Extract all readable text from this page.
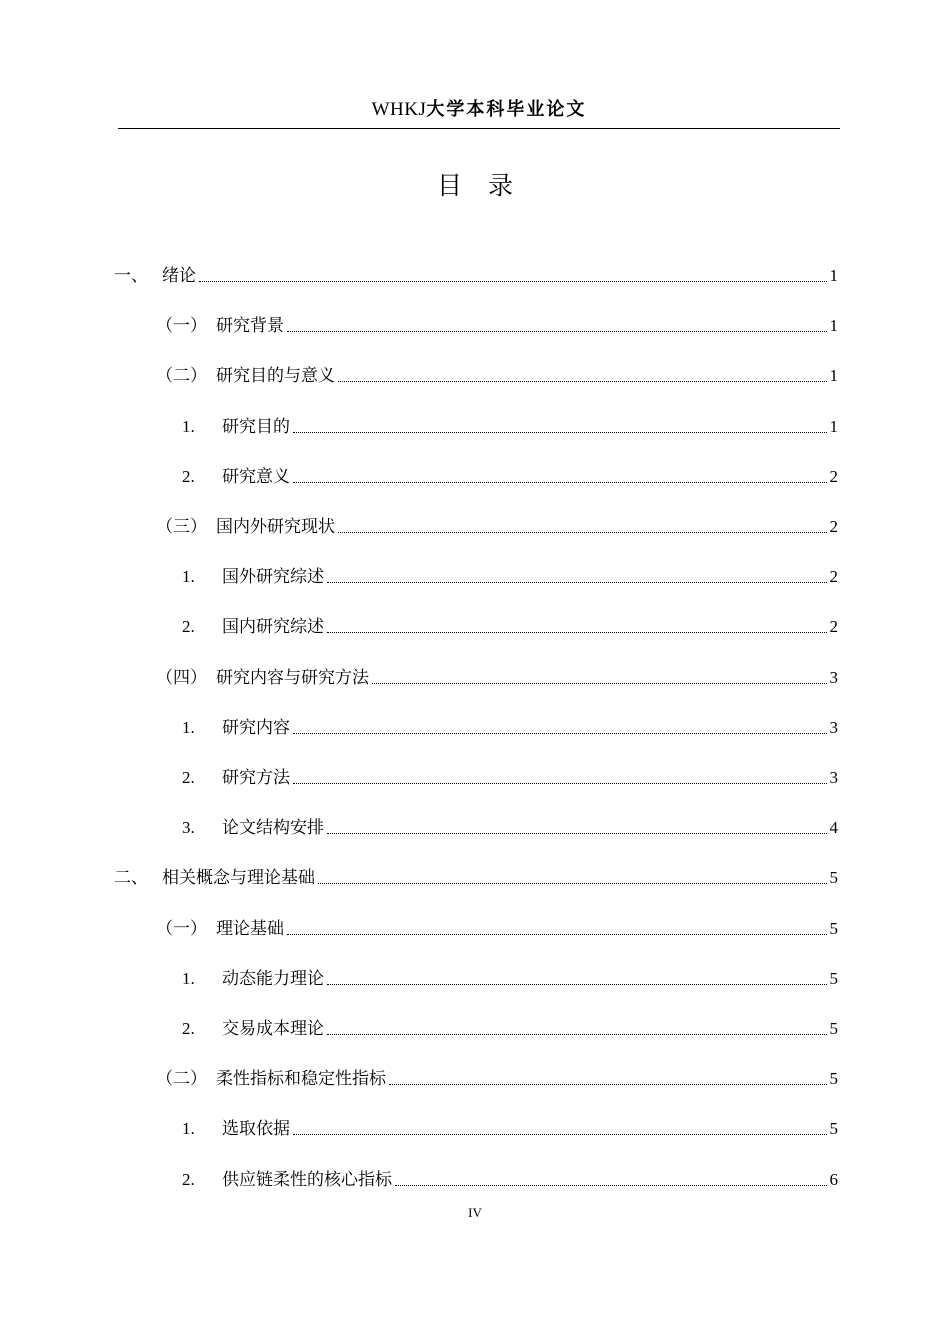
WHKJ大学本科毕业论文
目录
一、 绪论	1
（一） 研究背景	1
（二） 研究目的与意义	1
1.	研究目的	1
2.	研究意义	2
（三） 国内外研究现状	2
1.	国外研究综述	2
2.	国内研究综述	2
（四） 研究内容与研究方法	3
1.	研究内容	3
2.	研究方法	3
3.	论文结构安排	4
二、 相关概念与理论基础	5
（一） 理论基础	5
1.	动态能力理论	5
2.	交易成本理论	5
（二） 柔性指标和稳定性指标	5
1.	选取依据	5
2.	供应链柔性的核心指标	6
IV
